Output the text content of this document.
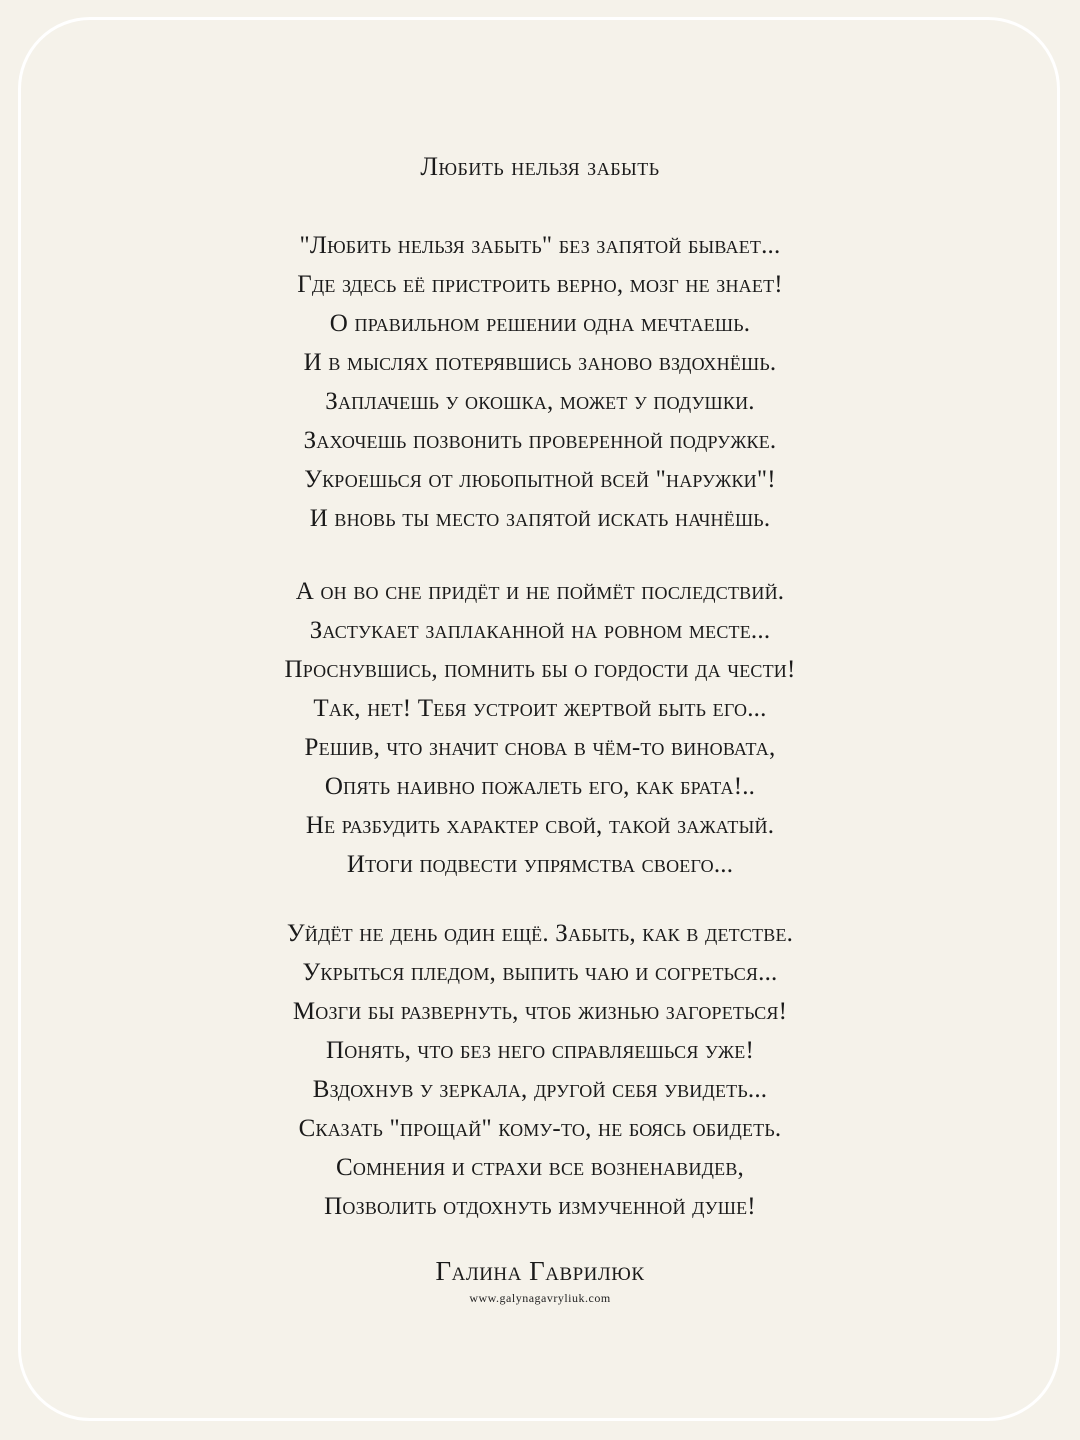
Любить нельзя забыть
"Любить нельзя забыть" без запятой бывает...
Где здесь её пристроить верно, мозг не знает!
О правильном решении одна мечтаешь.
И в мыслях потерявшись заново вздохнёшь.
Заплачешь у окошка, может у подушки.
Захочешь позвонить проверенной подружке.
Укроешься от любопытной всей "наружки"!
И вновь ты место запятой искать начнёшь.
А он во сне придёт и не поймёт последствий.
Застукает заплаканной на ровном месте...
Проснувшись, помнить бы о гордости да чести!
Так, нет! Тебя устроит жертвой быть его...
Решив, что значит снова в чём-то виновата,
Опять наивно пожалеть его, как брата!..
Не разбудить характер свой, такой зажатый.
Итоги подвести упрямства своего...
Уйдёт не день один ещё. Забыть, как в детстве.
Укрыться пледом, выпить чаю и согреться...
Мозги бы развернуть, чтоб жизнью загореться!
Понять, что без него справляешься уже!
Вздохнув у зеркала, другой себя увидеть...
Сказать "прощай" кому-то, не боясь обидеть.
Сомнения и страхи все возненавидев,
Позволить отдохнуть измученной душе!
Галина Гаврилюк
www.galynagavryliuk.com
